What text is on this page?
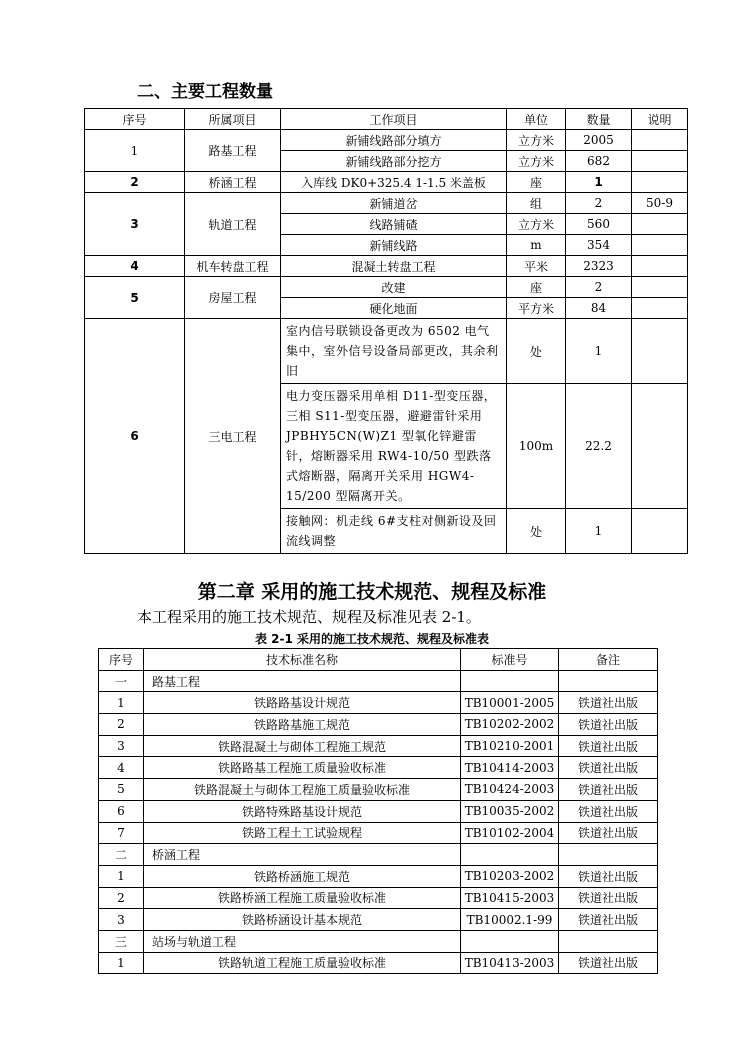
二、主要工程数量
序号	所属项目	工作项目	单位	数量	说明
1	路基工程	新铺线路部分填方	立方米	2005	
		新铺线路部分挖方	立方米	682	
2	桥涵工程	入库线 DK0+325.4 1-1.5 米盖板	座	1	
3	轨道工程	新铺道岔	组	2	50-9
		线路铺碴	立方米	560	
		新铺线路	m	354	
4	机车转盘工程	混凝土转盘工程	平米	2323	
5	房屋工程	改建	座	2	
		硬化地面	平方米	84	
6	三电工程	室内信号联锁设备更改为 6502 电气集中，室外信号设备局部更改，其余利旧	处	1	
		电力变压器采用单相 D11-型变压器，三相 S11-型变压器，避避雷针采用 JPBHY5CN(W)Z1 型氧化锌避雷针，熔断器采用 RW4-10/50 型跌落式熔断器，隔离开关采用 HGW4-15/200 型隔离开关。	100m	22.2	
		接触网：机走线 6#支柱对侧新设及回流线调整	处	1	
第二章 采用的施工技术规范、规程及标准

本工程采用的施工技术规范、规程及标准见表 2-1。

表 2-1 采用的施工技术规范、规程及标准表

序号	技术标准名称	标准号	备注
一	路基工程		
1	铁路路基设计规范	TB10001-2005	铁道社出版
2	铁路路基施工规范	TB10202-2002	铁道社出版
3	铁路混凝土与砌体工程施工规范	TB10210-2001	铁道社出版
4	铁路路基工程施工质量验收标准	TB10414-2003	铁道社出版
5	铁路混凝土与砌体工程施工质量验收标准	TB10424-2003	铁道社出版
6	铁路特殊路基设计规范	TB10035-2002	铁道社出版
7	铁路工程土工试验规程	TB10102-2004	铁道社出版
二	桥涵工程		
1	铁路桥涵施工规范	TB10203-2002	铁道社出版
2	铁路桥涵工程施工质量验收标准	TB10415-2003	铁道社出版
3	铁路桥涵设计基本规范	TB10002.1-99	铁道社出版
三	站场与轨道工程		
1	铁路轨道工程施工质量验收标准	TB10413-2003	铁道社出版
